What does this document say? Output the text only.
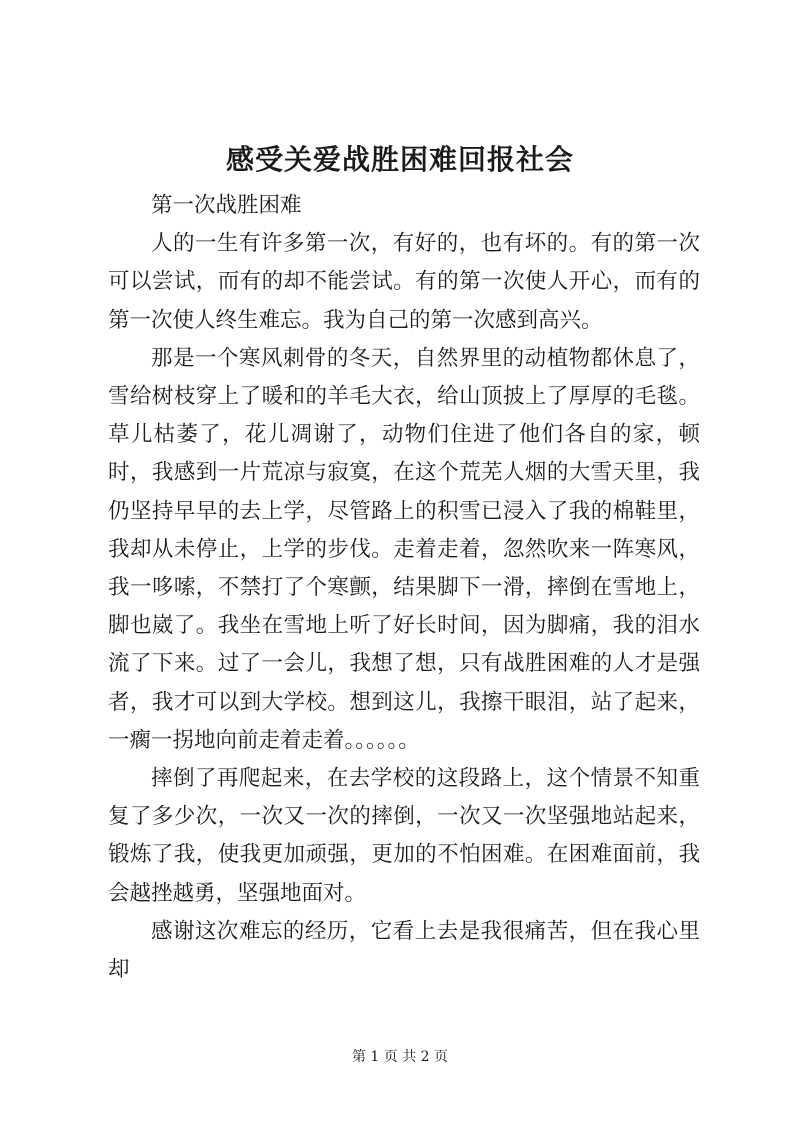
感受关爱战胜困难回报社会

第一次战胜困难

人的一生有许多第一次，有好的，也有坏的。有的第一次可以尝试，而有的却不能尝试。有的第一次使人开心，而有的第一次使人终生难忘。我为自己的第一次感到高兴。

那是一个寒风刺骨的冬天，自然界里的动植物都休息了，雪给树枝穿上了暖和的羊毛大衣，给山顶披上了厚厚的毛毯。草儿枯萎了，花儿凋谢了，动物们住进了他们各自的家，顿时，我感到一片荒凉与寂寞，在这个荒芜人烟的大雪天里，我仍坚持早早的去上学，尽管路上的积雪已浸入了我的棉鞋里，我却从未停止，上学的步伐。走着走着，忽然吹来一阵寒风，我一哆嗦，不禁打了个寒颤，结果脚下一滑，摔倒在雪地上，脚也崴了。我坐在雪地上听了好长时间，因为脚痛，我的泪水流了下来。过了一会儿，我想了想，只有战胜困难的人才是强者，我才可以到大学校。想到这儿，我擦干眼泪，站了起来，一瘸一拐地向前走着走着。。。。。。

摔倒了再爬起来，在去学校的这段路上，这个情景不知重复了多少次，一次又一次的摔倒，一次又一次坚强地站起来，锻炼了我，使我更加顽强，更加的不怕困难。在困难面前，我会越挫越勇，坚强地面对。

感谢这次难忘的经历，它看上去是我很痛苦，但在我心里却

第 1 页 共 2 页
